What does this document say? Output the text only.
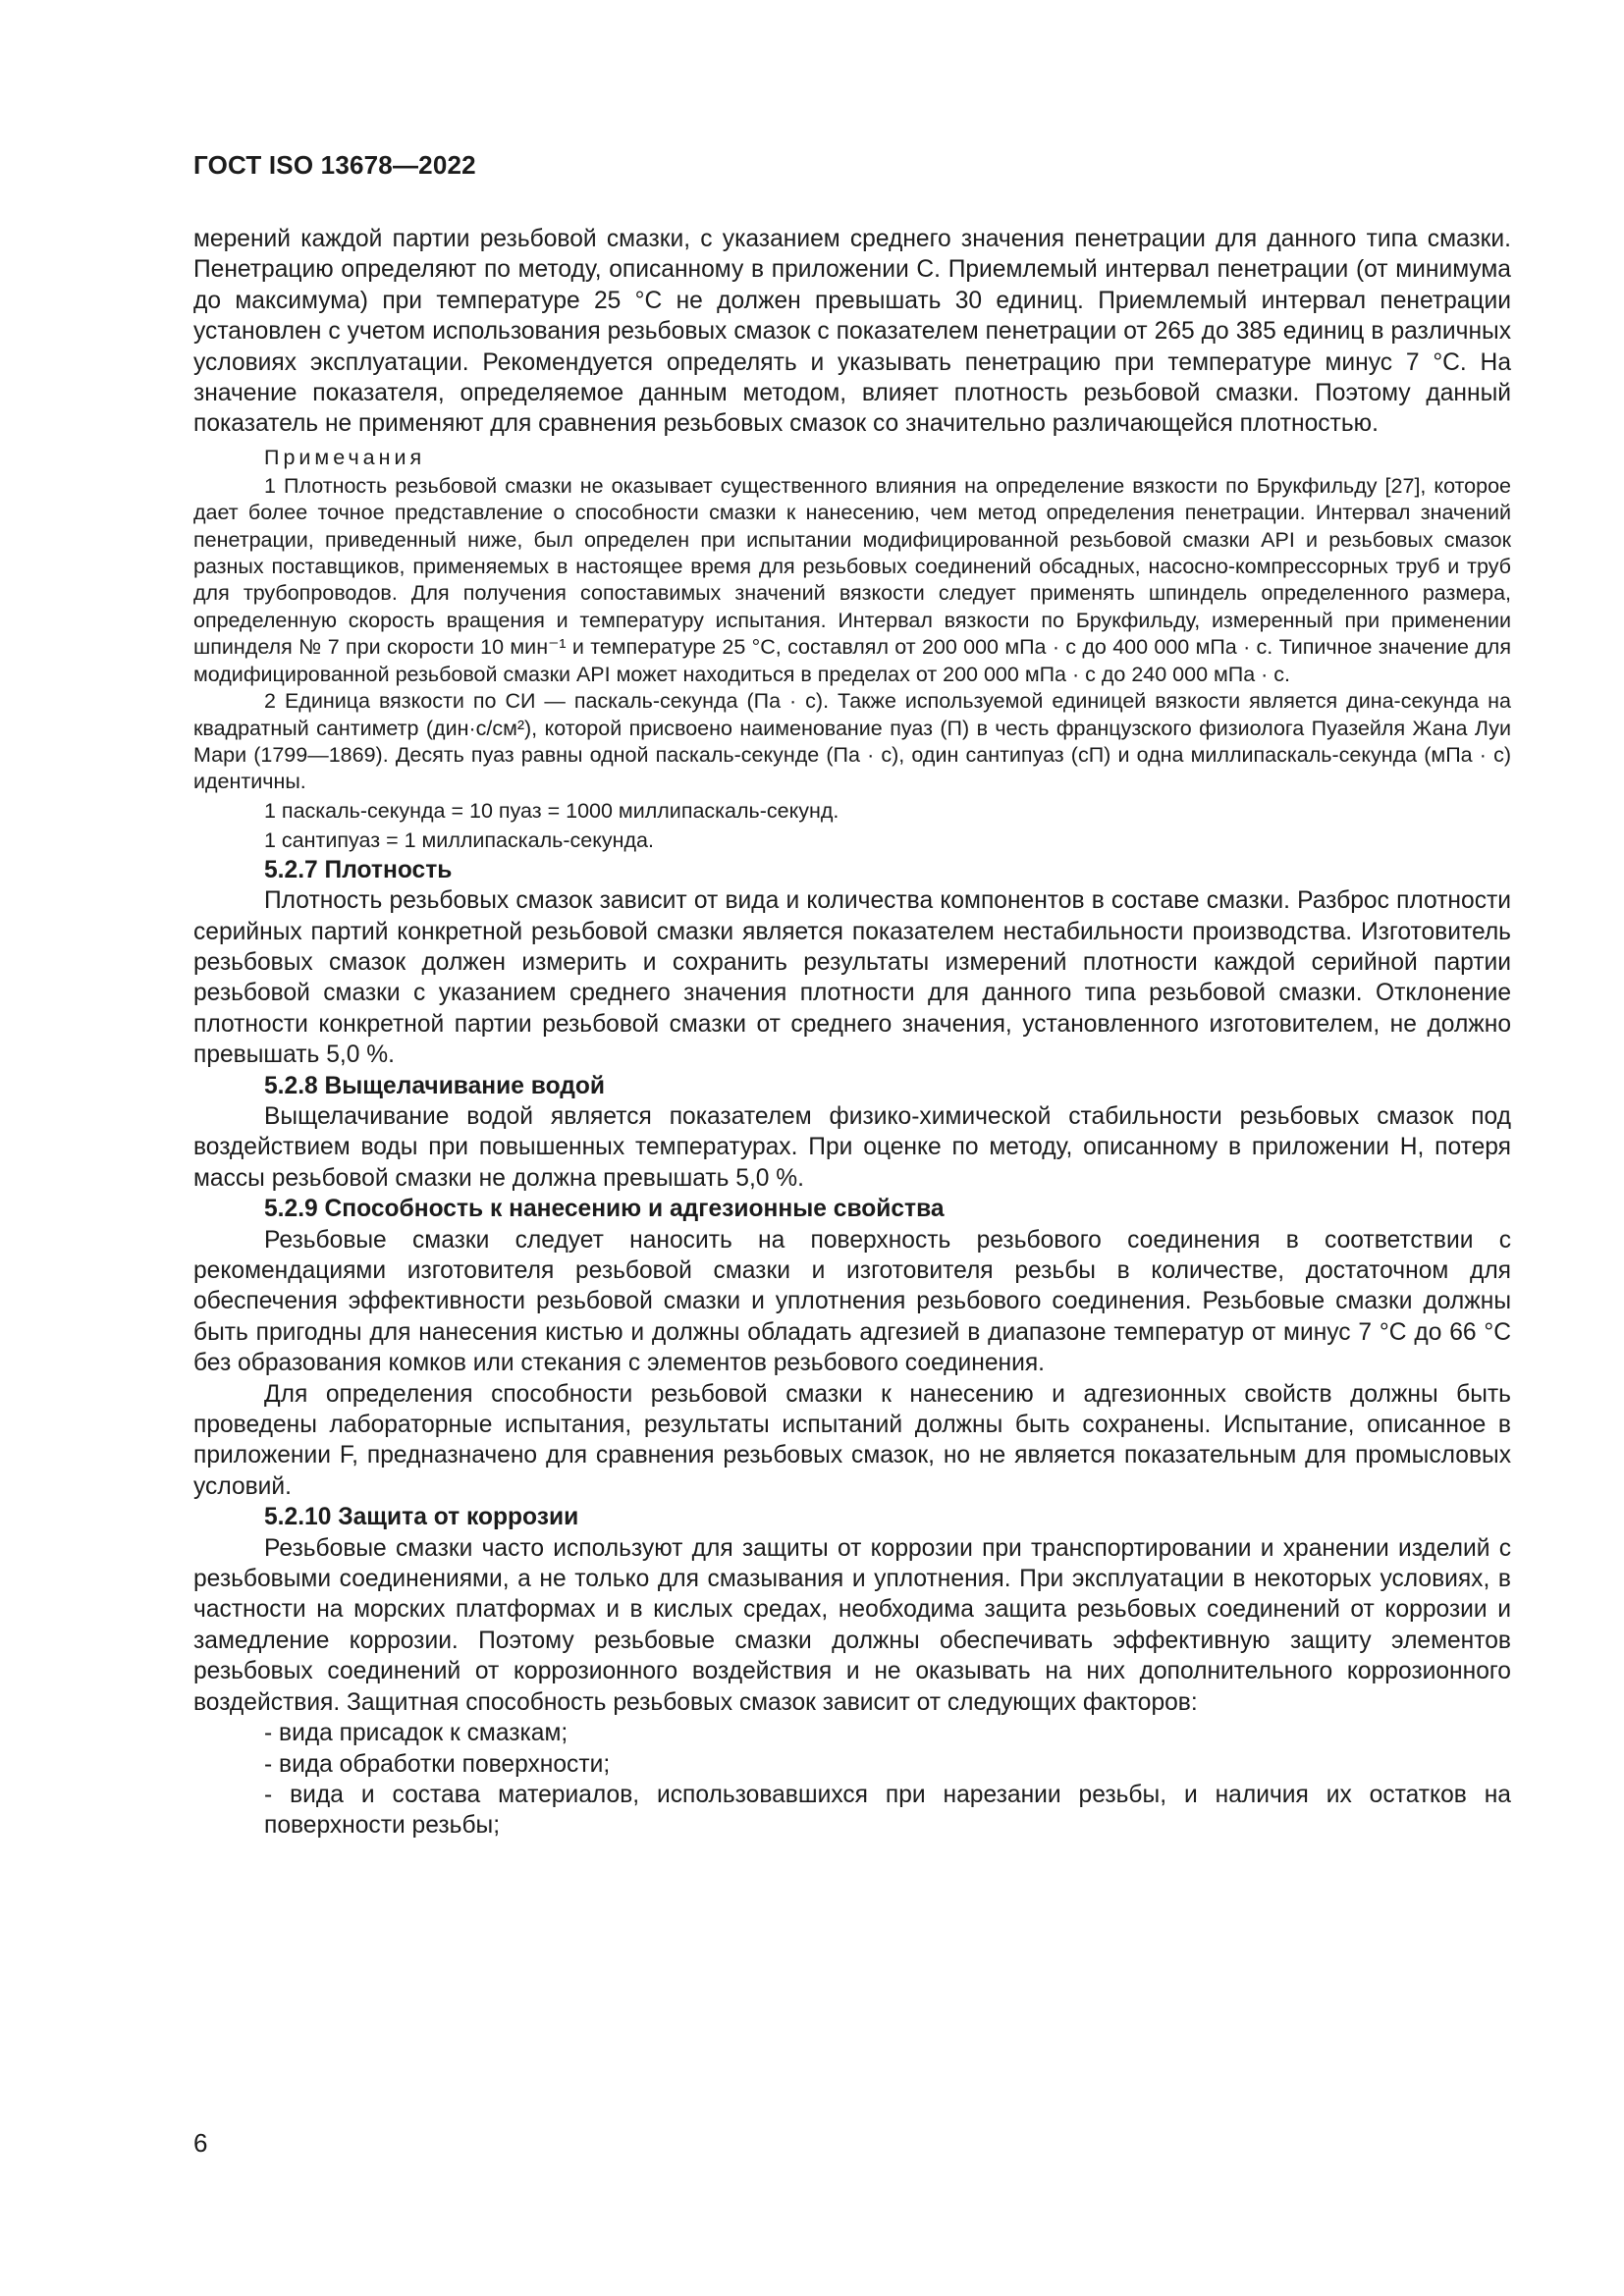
ГОСТ ISO 13678—2022

мерений каждой партии резьбовой смазки, с указанием среднего значения пенетрации для данного типа смазки. Пенетрацию определяют по методу, описанному в приложении С. Приемлемый интервал пенетрации (от минимума до максимума) при температуре 25 °С не должен превышать 30 единиц. Приемлемый интервал пенетрации установлен с учетом использования резьбовых смазок с показателем пенетрации от 265 до 385 единиц в различных условиях эксплуатации. Рекомендуется определять и указывать пенетрацию при температуре минус 7 °С. На значение показателя, определяемое данным методом, влияет плотность резьбовой смазки. Поэтому данный показатель не применяют для сравнения резьбовых смазок со значительно различающейся плотностью.

Примечания

1 Плотность резьбовой смазки не оказывает существенного влияния на определение вязкости по Брукфильду [27], которое дает более точное представление о способности смазки к нанесению, чем метод определения пенетрации. Интервал значений пенетрации, приведенный ниже, был определен при испытании модифицированной резьбовой смазки API и резьбовых смазок разных поставщиков, применяемых в настоящее время для резьбовых соединений обсадных, насосно-компрессорных труб и труб для трубопроводов. Для получения сопоставимых значений вязкости следует применять шпиндель определенного размера, определенную скорость вращения и температуру испытания. Интервал вязкости по Брукфильду, измеренный при применении шпинделя № 7 при скорости 10 мин⁻¹ и температуре 25 °С, составлял от 200 000 мПа · с до 400 000 мПа · с. Типичное значение для модифицированной резьбовой смазки API может находиться в пределах от 200 000 мПа · с до 240 000 мПа · с.

2 Единица вязкости по СИ — паскаль-секунда (Па · с). Также используемой единицей вязкости является дина-секунда на квадратный сантиметр (дин·с/см²), которой присвоено наименование пуаз (П) в честь французского физиолога Пуазейля Жана Луи Мари (1799—1869). Десять пуаз равны одной паскаль-секунде (Па · с), один сантипуаз (сП) и одна миллипаскаль-секунда (мПа · с) идентичны.

1 паскаль-секунда = 10 пуаз = 1000 миллипаскаль-секунд.

1 сантипуаз = 1 миллипаскаль-секунда.

5.2.7 Плотность

Плотность резьбовых смазок зависит от вида и количества компонентов в составе смазки. Разброс плотности серийных партий конкретной резьбовой смазки является показателем нестабильности производства. Изготовитель резьбовых смазок должен измерить и сохранить результаты измерений плотности каждой серийной партии резьбовой смазки с указанием среднего значения плотности для данного типа резьбовой смазки. Отклонение плотности конкретной партии резьбовой смазки от среднего значения, установленного изготовителем, не должно превышать 5,0 %.

5.2.8 Выщелачивание водой

Выщелачивание водой является показателем физико-химической стабильности резьбовых смазок под воздействием воды при повышенных температурах. При оценке по методу, описанному в приложении Н, потеря массы резьбовой смазки не должна превышать 5,0 %.

5.2.9 Способность к нанесению и адгезионные свойства

Резьбовые смазки следует наносить на поверхность резьбового соединения в соответствии с рекомендациями изготовителя резьбовой смазки и изготовителя резьбы в количестве, достаточном для обеспечения эффективности резьбовой смазки и уплотнения резьбового соединения. Резьбовые смазки должны быть пригодны для нанесения кистью и должны обладать адгезией в диапазоне температур от минус 7 °С до 66 °С без образования комков или стекания с элементов резьбового соединения.

Для определения способности резьбовой смазки к нанесению и адгезионных свойств должны быть проведены лабораторные испытания, результаты испытаний должны быть сохранены. Испытание, описанное в приложении F, предназначено для сравнения резьбовых смазок, но не является показательным для промысловых условий.

5.2.10 Защита от коррозии

Резьбовые смазки часто используют для защиты от коррозии при транспортировании и хранении изделий с резьбовыми соединениями, а не только для смазывания и уплотнения. При эксплуатации в некоторых условиях, в частности на морских платформах и в кислых средах, необходима защита резьбовых соединений от коррозии и замедление коррозии. Поэтому резьбовые смазки должны обеспечивать эффективную защиту элементов резьбовых соединений от коррозионного воздействия и не оказывать на них дополнительного коррозионного воздействия. Защитная способность резьбовых смазок зависит от следующих факторов:

- вида присадок к смазкам;

- вида обработки поверхности;

- вида и состава материалов, использовавшихся при нарезании резьбы, и наличия их остатков на поверхности резьбы;

6
